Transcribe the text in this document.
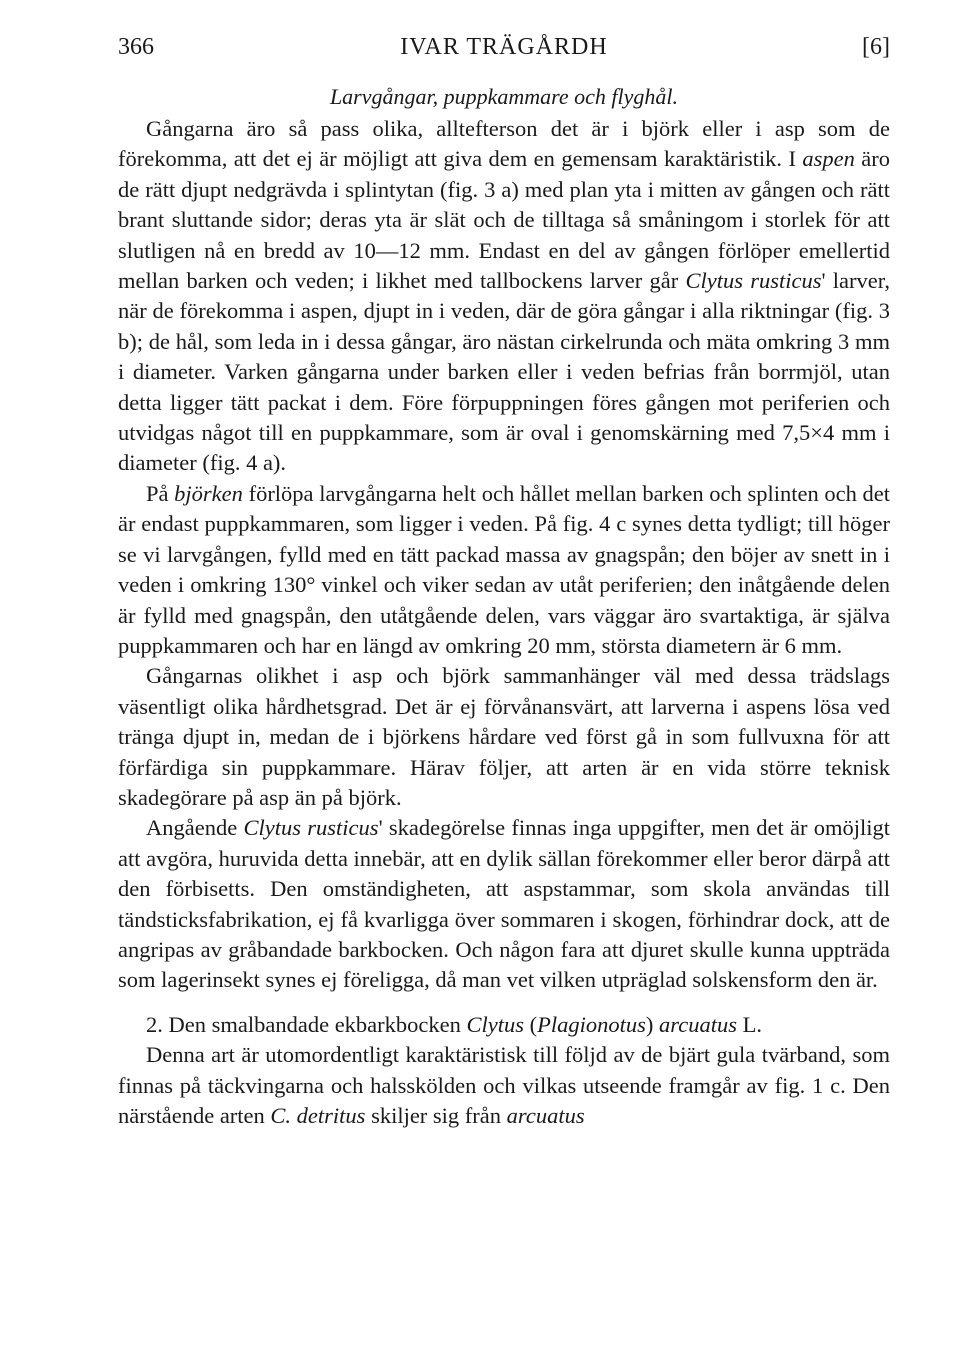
366	IVAR TRÄGÅRDH	[6]
Larvgångar, puppkammare och flyghål.

Gångarna äro så pass olika, alltefterson det är i björk eller i asp som de förekomma, att det ej är möjligt att giva dem en gemensam karaktäristik. I aspen äro de rätt djupt nedgrävda i splintytan (fig. 3 a) med plan yta i mitten av gången och rätt brant sluttande sidor; deras yta är slät och de tilltaga så småningom i storlek för att slutligen nå en bredd av 10—12 mm. Endast en del av gången förlöper emellertid mellan barken och veden; i likhet med tallbockens larver går Clytus rusticus' larver, när de förekomma i aspen, djupt in i veden, där de göra gångar i alla riktningar (fig. 3 b); de hål, som leda in i dessa gångar, äro nästan cirkelrunda och mäta omkring 3 mm i diameter. Varken gångarna under barken eller i veden befrias från borrmjöl, utan detta ligger tätt packat i dem. Före förpuppningen föres gången mot periferien och utvidgas något till en puppkammare, som är oval i genomskärning med 7,5×4 mm i diameter (fig. 4 a).

På björken förlöpa larvgångarna helt och hållet mellan barken och splinten och det är endast puppkammaren, som ligger i veden. På fig. 4 c synes detta tydligt; till höger se vi larvgången, fylld med en tätt packad massa av gnagspån; den böjer av snett in i veden i omkring 130° vinkel och viker sedan av utåt periferien; den inåtgående delen är fylld med gnagspån, den utåtgående delen, vars väggar äro svartaktiga, är själva puppkammaren och har en längd av omkring 20 mm, största diametern är 6 mm.

Gångarnas olikhet i asp och björk sammanhänger väl med dessa trädslags väsentligt olika hårdhetsgrad. Det är ej förvånansvärt, att larverna i aspens lösa ved tränga djupt in, medan de i björkens hårdare ved först gå in som fullvuxna för att förfärdiga sin puppkammare. Härav följer, att arten är en vida större teknisk skadegörare på asp än på björk.

Angående Clytus rusticus' skadegörelse finnas inga uppgifter, men det är omöjligt att avgöra, huruvida detta innebär, att en dylik sällan förekommer eller beror därpå att den förbisetts. Den omständigheten, att aspstammar, som skola användas till tändsticksfabrikation, ej få kvarligga över sommaren i skogen, förhindrar dock, att de angripas av gråbandade barkbocken. Och någon fara att djuret skulle kunna uppträda som lagerinsekt synes ej föreligga, då man vet vilken utpräglad solskensform den är.

2. Den smalbandade ekbarkbocken Clytus (Plagionotus) arcuatus L.

Denna art är utomordentligt karaktäristisk till följd av de bjärt gula tvärband, som finnas på täckvingarna och halsskölden och vilkas utseende framgår av fig. 1 c. Den närstående arten C. detritus skiljer sig från arcuatus
